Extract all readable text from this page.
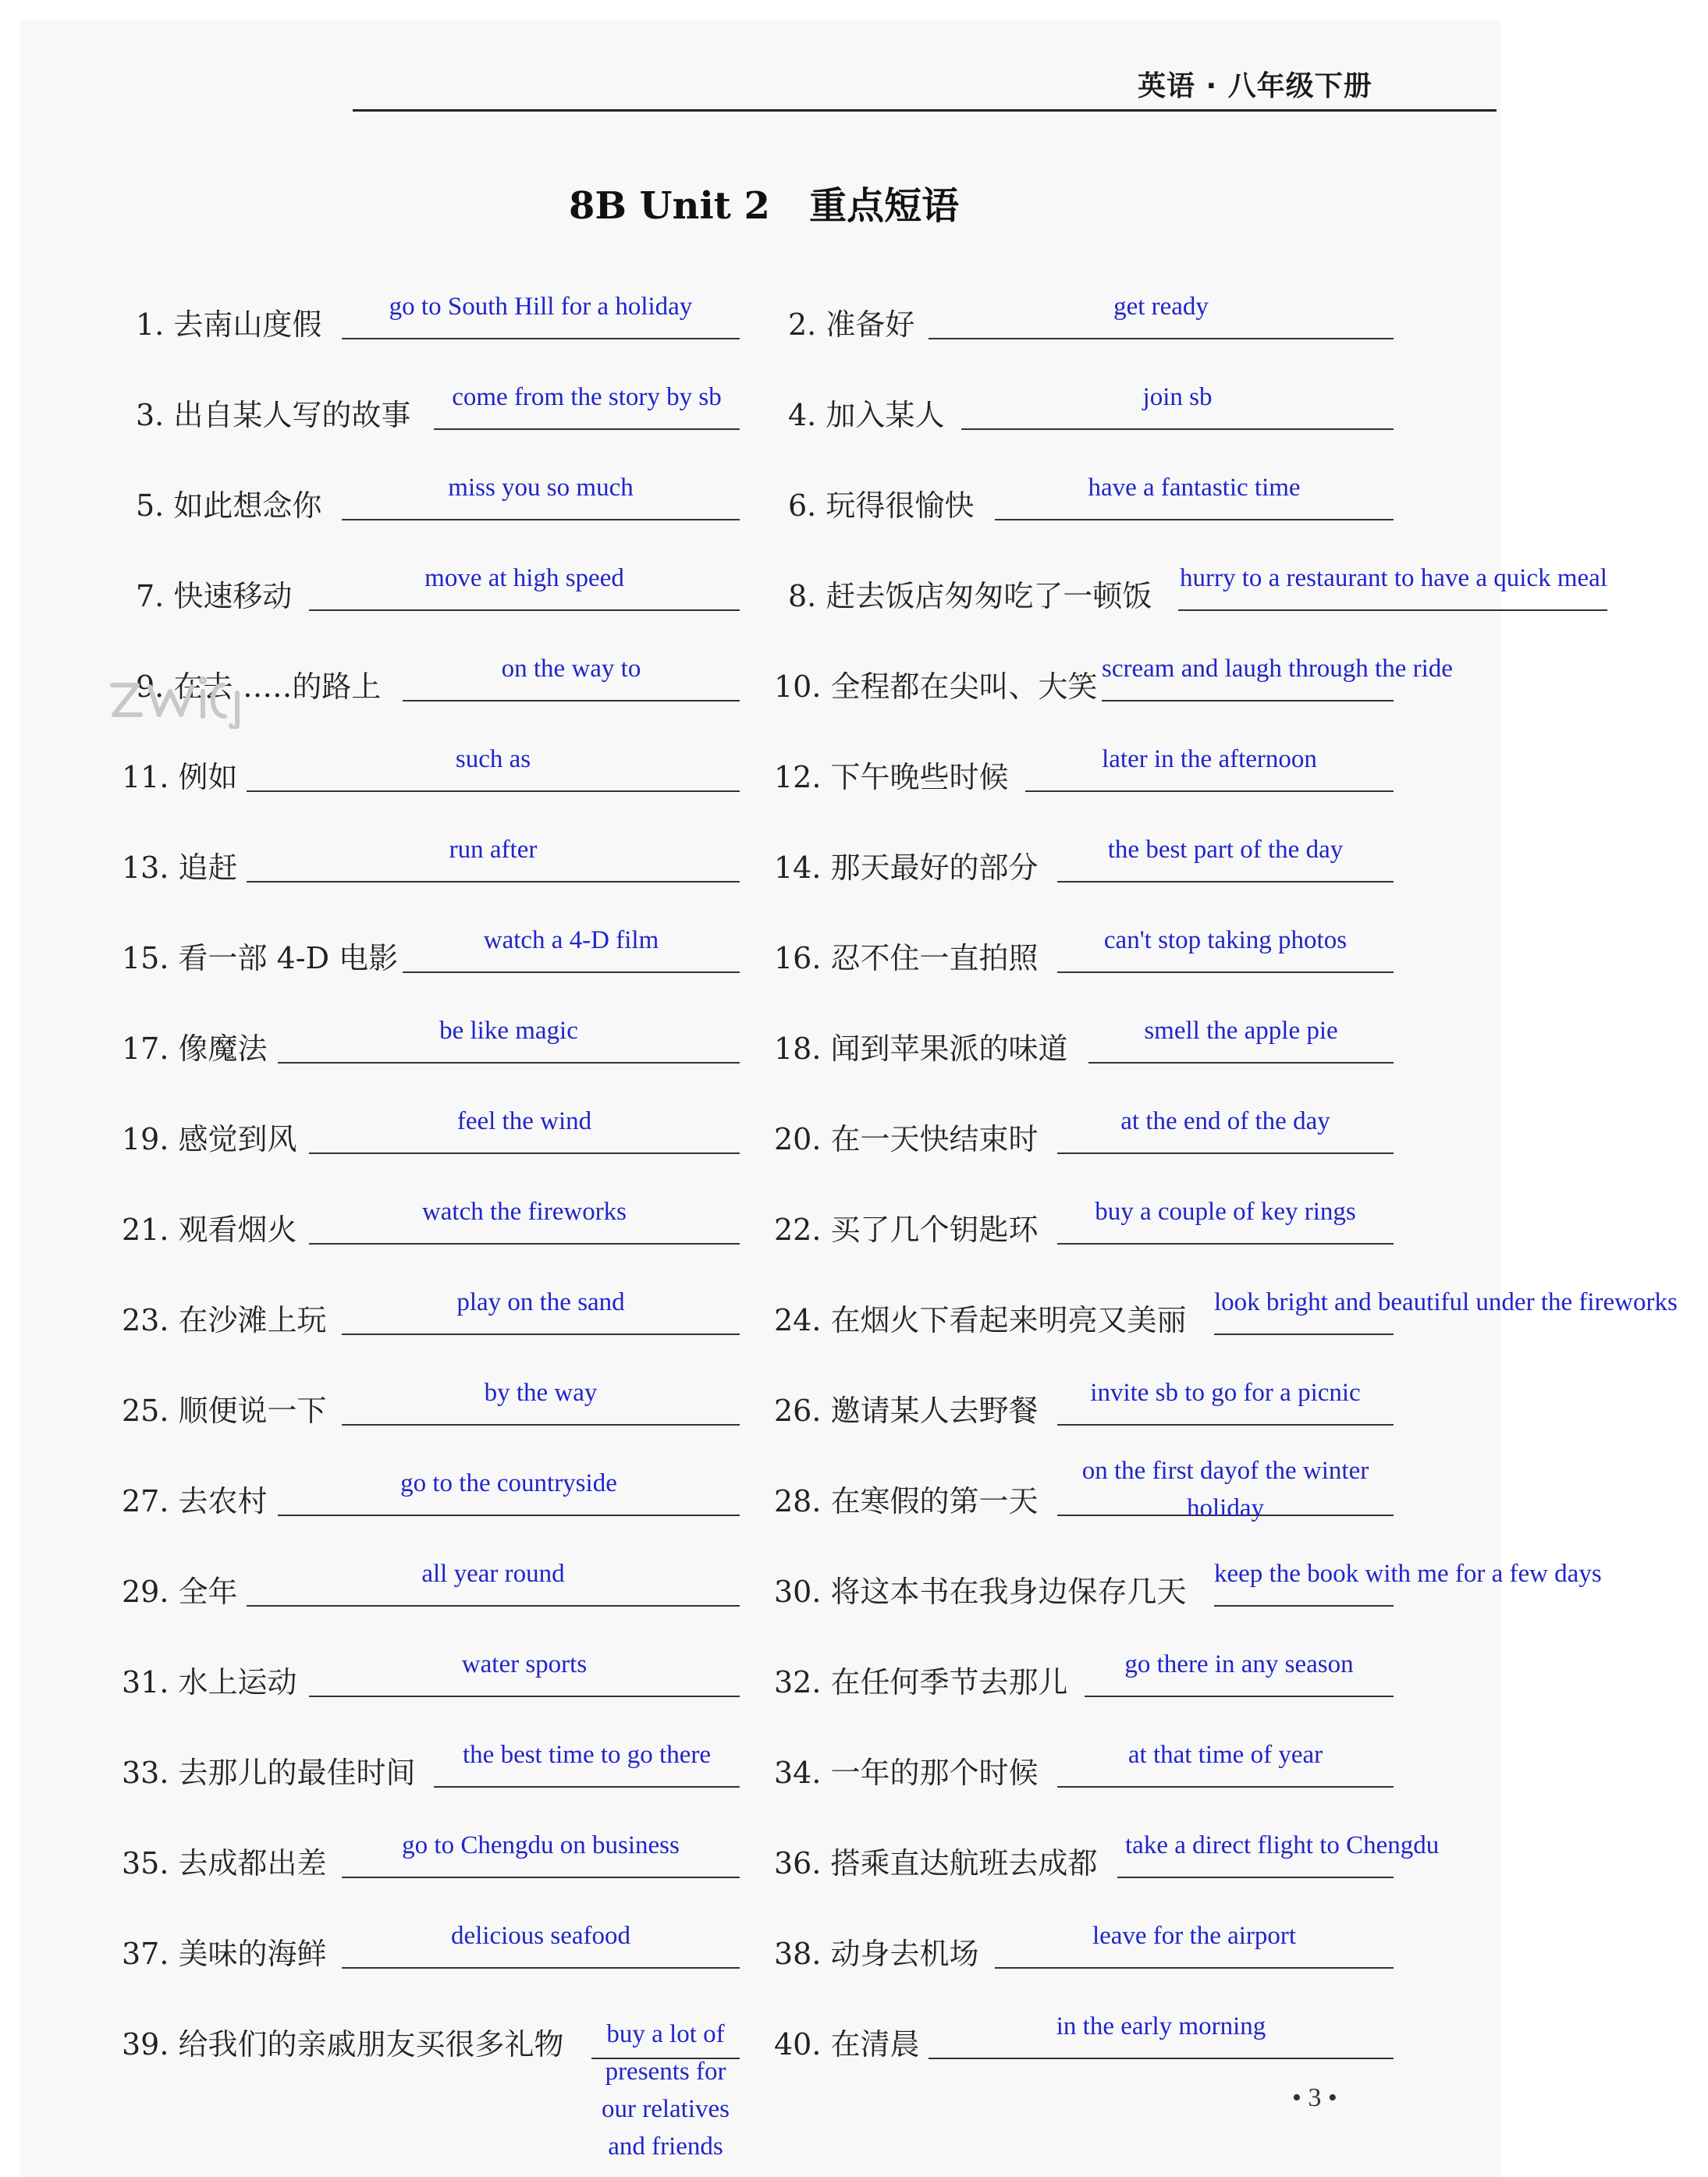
英语 · 八年级下册
8B Unit 2   重点短语
1. 去南山度假
go to South Hill for a holiday
2. 准备好
get ready
3. 出自某人写的故事
come from the story by sb
4. 加入某人
join sb
5. 如此想念你
miss you so much
6. 玩得很愉快
have a fantastic time
7. 快速移动
move at high speed
8. 赶去饭店匆匆吃了一顿饭
hurry to a restaurant to have a quick meal
9. 在去……的路上
on the way to
10. 全程都在尖叫、大笑
scream and laugh through the ride
11. 例如
such as
12. 下午晚些时候
later in the afternoon
13. 追赶
run after
14. 那天最好的部分
the best part of the day
15. 看一部 4-D 电影
watch a 4-D film
16. 忍不住一直拍照
can't stop taking photos
17. 像魔法
be like magic
18. 闻到苹果派的味道
smell the apple pie
19. 感觉到风
feel the wind
20. 在一天快结束时
at the end of the day
21. 观看烟火
watch the fireworks
22. 买了几个钥匙环
buy a couple of key rings
23. 在沙滩上玩
play on the sand
24. 在烟火下看起来明亮又美丽
look bright and beautiful under the fireworks
25. 顺便说一下
by the way
26. 邀请某人去野餐
invite sb to go for a picnic
27. 去农村
go to the countryside
28. 在寒假的第一天
on the first dayof the winter holiday
29. 全年
all year round
30. 将这本书在我身边保存几天
keep the book with me for a few days
31. 水上运动
water sports
32. 在任何季节去那儿
go there in any season
33. 去那儿的最佳时间
the best time to go there
34. 一年的那个时候
at that time of year
35. 去成都出差
go to Chengdu on business
36. 搭乘直达航班去成都
take a direct flight to Chengdu
37. 美味的海鲜
delicious seafood
38. 动身去机场
leave for the airport
39. 给我们的亲戚朋友买很多礼物	buy a lot of presents for our relatives and friends
40. 在清晨
in the early morning
• 3 •
